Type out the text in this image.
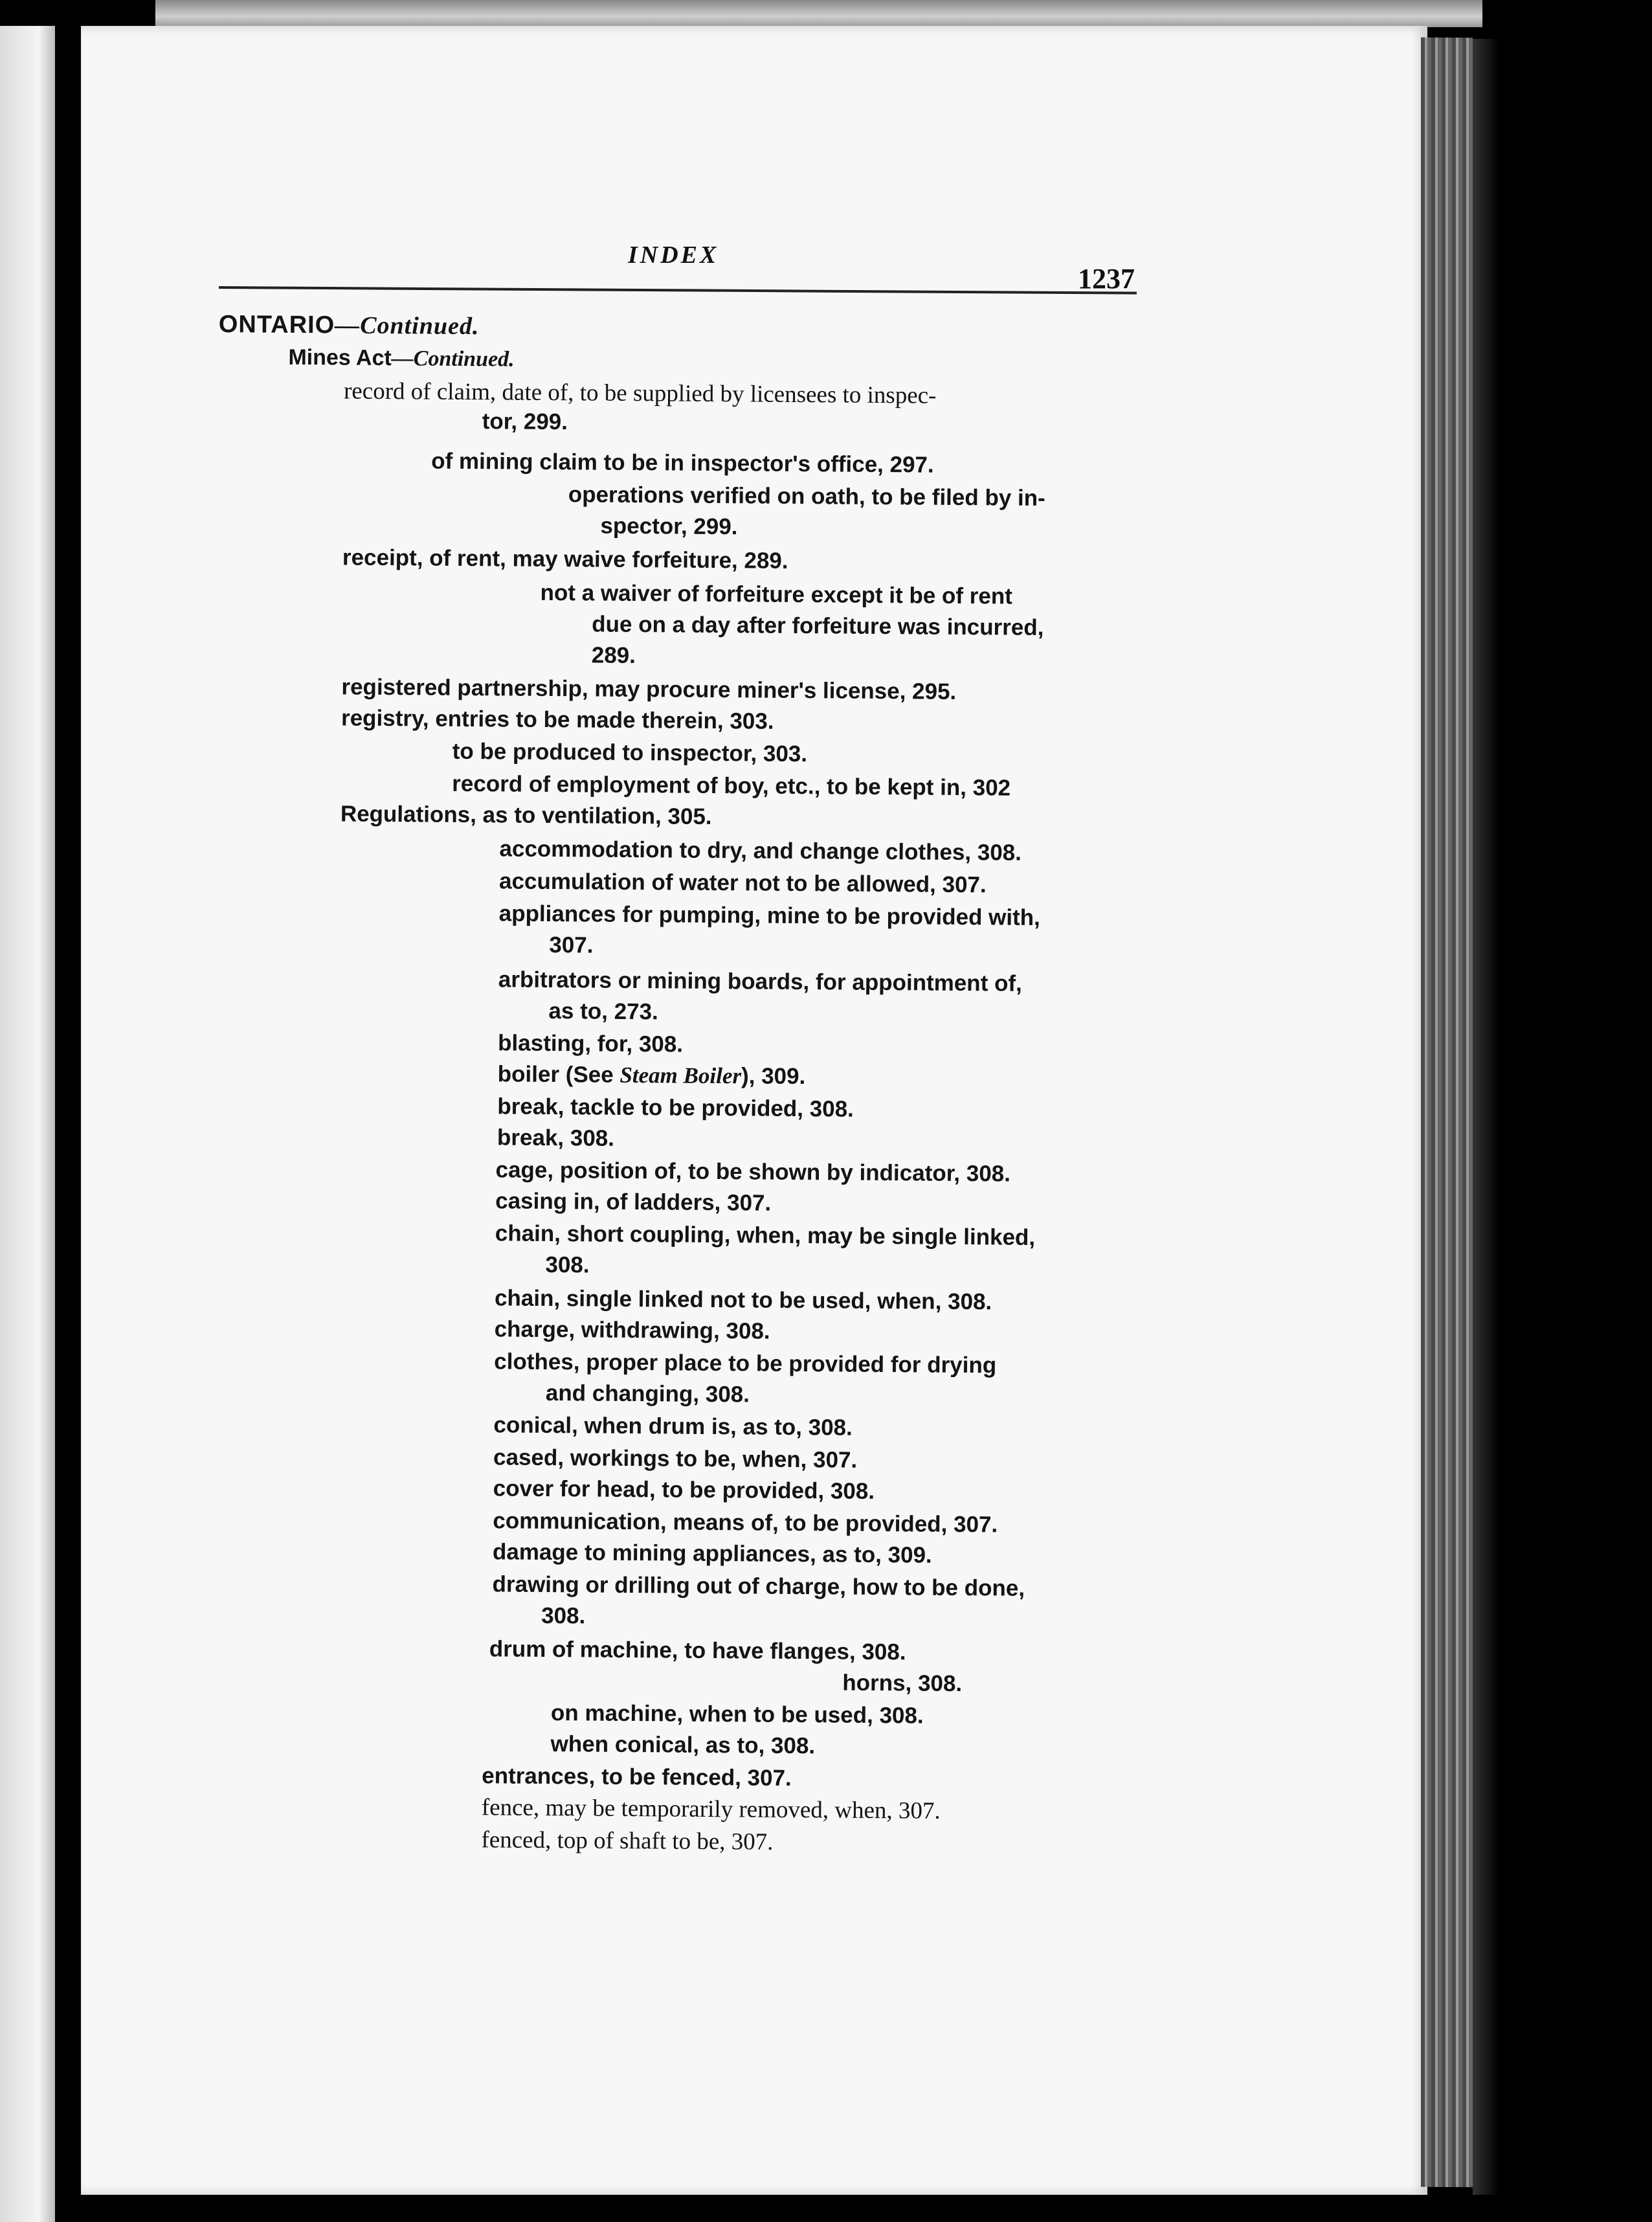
INDEX
1237
ONTARIO—Continued.
Mines Act—Continued.
record of claim, date of, to be supplied by licensees to inspec-
tor, 299.
of mining claim to be in inspector's office, 297.
operations verified on oath, to be filed by in-
spector, 299.
receipt, of rent, may waive forfeiture, 289.
not a waiver of forfeiture except it be of rent
due on a day after forfeiture was incurred,
289.
registered partnership, may procure miner's license, 295.
registry, entries to be made therein, 303.
to be produced to inspector, 303.
record of employment of boy, etc., to be kept in, 302
Regulations, as to ventilation, 305.
accommodation to dry, and change clothes, 308.
accumulation of water not to be allowed, 307.
appliances for pumping, mine to be provided with,
307.
arbitrators or mining boards, for appointment of,
as to, 273.
blasting, for, 308.
boiler (See Steam Boiler), 309.
break, tackle to be provided, 308.
break, 308.
cage, position of, to be shown by indicator, 308.
casing in, of ladders, 307.
chain, short coupling, when, may be single linked,
308.
chain, single linked not to be used, when, 308.
charge, withdrawing, 308.
clothes, proper place to be provided for drying
and changing, 308.
conical, when drum is, as to, 308.
cased, workings to be, when, 307.
cover for head, to be provided, 308.
communication, means of, to be provided, 307.
damage to mining appliances, as to, 309.
drawing or drilling out of charge, how to be done,
308.
drum of machine, to have flanges, 308.
horns, 308.
on machine, when to be used, 308.
when conical, as to, 308.
entrances, to be fenced, 307.
fence, may be temporarily removed, when, 307.
fenced, top of shaft to be, 307.
